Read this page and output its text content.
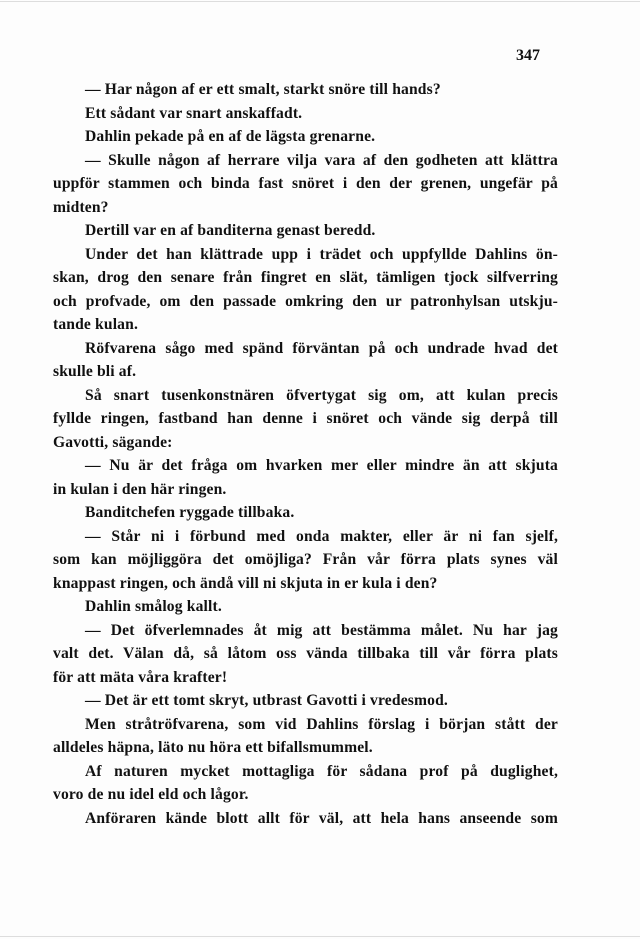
347
— Har någon af er ett smalt, starkt snöre till hands?
Ett sådant var snart anskaffadt.
Dahlin pekade på en af de lägsta grenarne.
— Skulle någon af herrare vilja vara af den godheten att klättra
uppför stammen och binda fast snöret i den der grenen, ungefär på
midten?
Dertill var en af banditerna genast beredd.
Under det han klättrade upp i trädet och uppfyllde Dahlins ön-
skan, drog den senare från fingret en slät, tämligen tjock silfverring
och profvade, om den passade omkring den ur patronhylsan utskju-
tande kulan.
Röfvarena sågo med spänd förväntan på och undrade hvad det
skulle bli af.
Så snart tusenkonstnären öfvertygat sig om, att kulan precis
fyllde ringen, fastband han denne i snöret och vände sig derpå till
Gavotti, sägande:
— Nu är det fråga om hvarken mer eller mindre än att skjuta
in kulan i den här ringen.
Banditchefen ryggade tillbaka.
— Står ni i förbund med onda makter, eller är ni fan sjelf,
som kan möjliggöra det omöjliga? Från vår förra plats synes väl
knappast ringen, och ändå vill ni skjuta in er kula i den?
Dahlin smålog kallt.
— Det öfverlemnades åt mig att bestämma målet. Nu har jag
valt det. Välan då, så låtom oss vända tillbaka till vår förra plats
för att mäta våra krafter!
— Det är ett tomt skryt, utbrast Gavotti i vredesmod.
Men stråtröfvarena, som vid Dahlins förslag i början stått der
alldeles häpna, läto nu höra ett bifallsmummel.
Af naturen mycket mottagliga för sådana prof på duglighet,
voro de nu idel eld och lågor.
Anföraren kände blott allt för väl, att hela hans anseende som
